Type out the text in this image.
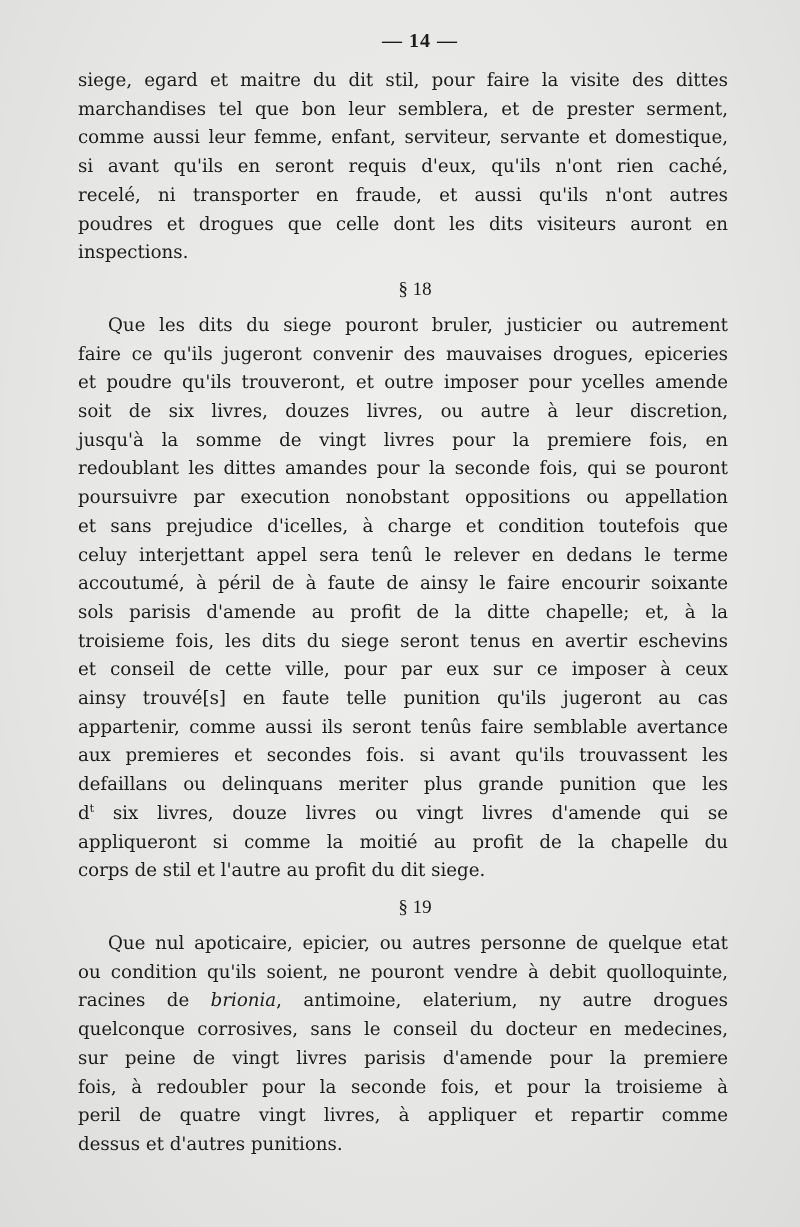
— 14 —
siege, egard et maitre du dit stil, pour faire la visite des dittes
marchandises tel que bon leur semblera, et de prester serment,
comme aussi leur femme, enfant, serviteur, servante et domestique,
si avant qu'ils en seront requis d'eux, qu'ils n'ont rien caché,
recelé, ni transporter en fraude, et aussi qu'ils n'ont autres
poudres et drogues que celle dont les dits visiteurs auront en
inspections.
§ 18
Que les dits du siege pouront bruler, justicier ou autrement
faire ce qu'ils jugeront convenir des mauvaises drogues, epiceries
et poudre qu'ils trouveront, et outre imposer pour ycelles amende
soit de six livres, douzes livres, ou autre à leur discretion,
jusqu'à la somme de vingt livres pour la premiere fois, en
redoublant les dittes amandes pour la seconde fois, qui se pouront
poursuivre par execution nonobstant oppositions ou appellation
et sans prejudice d'icelles, à charge et condition toutefois que
celuy interjettant appel sera tenû le relever en dedans le terme
accoutumé, à péril de à faute de ainsy le faire encourir soixante
sols parisis d'amende au profit de la ditte chapelle; et, à la
troisieme fois, les dits du siege seront tenus en avertir eschevins
et conseil de cette ville, pour par eux sur ce imposer à ceux
ainsy trouvé[s] en faute telle punition qu'ils jugeront au cas
appartenir, comme aussi ils seront tenûs faire semblable avertance
aux premieres et secondes fois. si avant qu'ils trouvassent les
defaillans ou delinquans meriter plus grande punition que les
$d^t$ six livres, douze livres ou vingt livres d'amende qui se
appliqueront si comme la moitié au profit de la chapelle du
corps de stil et l'autre au profit du dit siege.
§ 19
Que nul apoticaire, epicier, ou autres personne de quelque etat
ou condition qu'ils soient, ne pouront vendre à debit quolloquinte,
racines de brionia, antimoine, elaterium, ny autre drogues
quelconque corrosives, sans le conseil du docteur en medecines,
sur peine de vingt livres parisis d'amende pour la premiere
fois, à redoubler pour la seconde fois, et pour la troisieme à
peril de quatre vingt livres, à appliquer et repartir comme
dessus et d'autres punitions.
